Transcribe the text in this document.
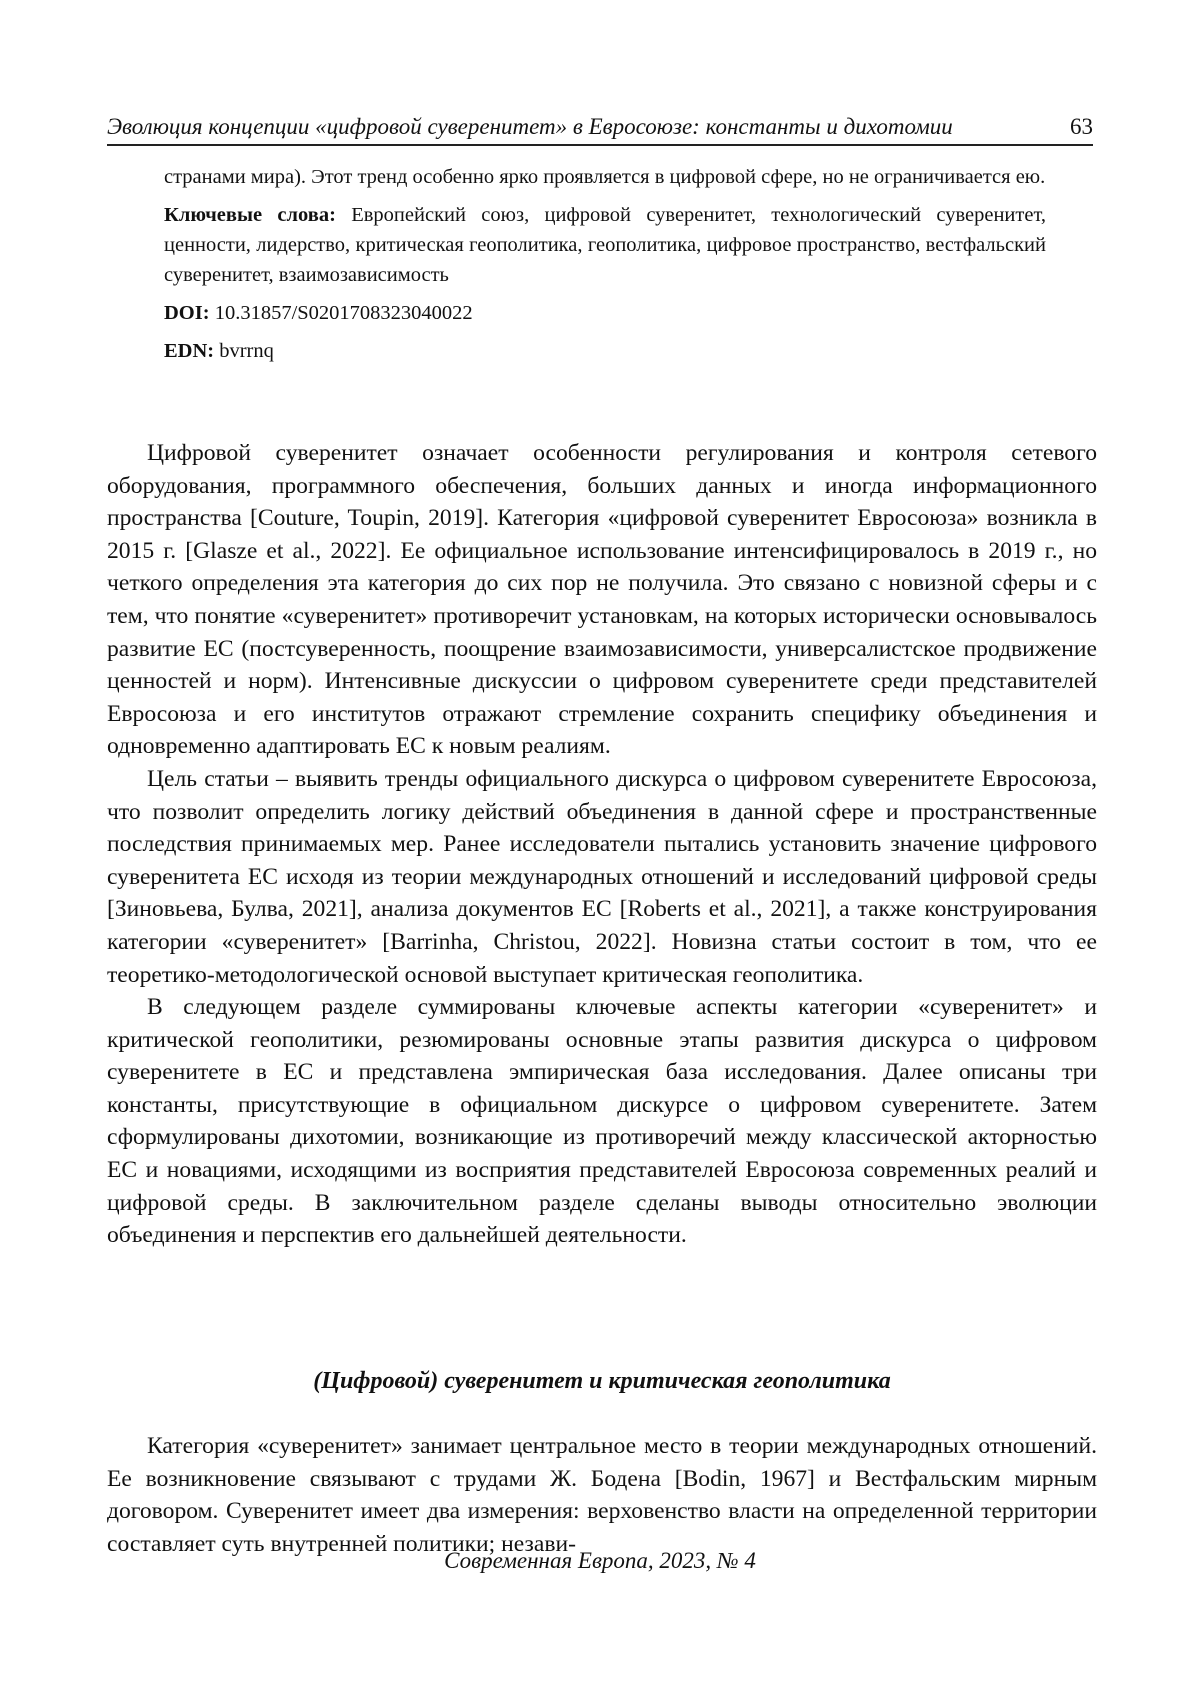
Эволюция концепции «цифровой суверенитет» в Евросоюзе: константы и дихотомии	63

странами мира). Этот тренд особенно ярко проявляется в цифровой сфере, но не ограничивается ею.

Ключевые слова: Европейский союз, цифровой суверенитет, технологический суверенитет, ценности, лидерство, критическая геополитика, геополитика, цифровое пространство, вестфальский суверенитет, взаимозависимость

DOI: 10.31857/S0201708323040022

EDN: bvrrnq

Цифровой суверенитет означает особенности регулирования и контроля сетевого оборудования, программного обеспечения, больших данных и иногда информационного пространства [Couture, Toupin, 2019]. Категория «цифровой суверенитет Евросоюза» возникла в 2015 г. [Glasze et al., 2022]. Ее официальное использование интенсифицировалось в 2019 г., но четкого определения эта категория до сих пор не получила. Это связано с новизной сферы и с тем, что понятие «суверенитет» противоречит установкам, на которых исторически основывалось развитие ЕС (постсуверенность, поощрение взаимозависимости, универсалистское продвижение ценностей и норм). Интенсивные дискуссии о цифровом суверенитете среди представителей Евросоюза и его институтов отражают стремление сохранить специфику объединения и одновременно адаптировать ЕС к новым реалиям.

Цель статьи – выявить тренды официального дискурса о цифровом суверенитете Евросоюза, что позволит определить логику действий объединения в данной сфере и пространственные последствия принимаемых мер. Ранее исследователи пытались установить значение цифрового суверенитета ЕС исходя из теории международных отношений и исследований цифровой среды [Зиновьева, Булва, 2021], анализа документов ЕС [Roberts et al., 2021], а также конструирования категории «суверенитет» [Barrinha, Christou, 2022]. Новизна статьи состоит в том, что ее теоретико-методологической основой выступает критическая геополитика.

В следующем разделе суммированы ключевые аспекты категории «суверенитет» и критической геополитики, резюмированы основные этапы развития дискурса о цифровом суверенитете в ЕС и представлена эмпирическая база исследования. Далее описаны три константы, присутствующие в официальном дискурсе о цифровом суверенитете. Затем сформулированы дихотомии, возникающие из противоречий между классической акторностью ЕС и новациями, исходящими из восприятия представителей Евросоюза современных реалий и цифровой среды. В заключительном разделе сделаны выводы относительно эволюции объединения и перспектив его дальнейшей деятельности.

(Цифровой) суверенитет и критическая геополитика

Категория «суверенитет» занимает центральное место в теории международных отношений. Ее возникновение связывают с трудами Ж. Бодена [Bodin, 1967] и Вестфальским мирным договором. Суверенитет имеет два измерения: верховенство власти на определенной территории составляет суть внутренней политики; незави-

Современная Европа, 2023, № 4
